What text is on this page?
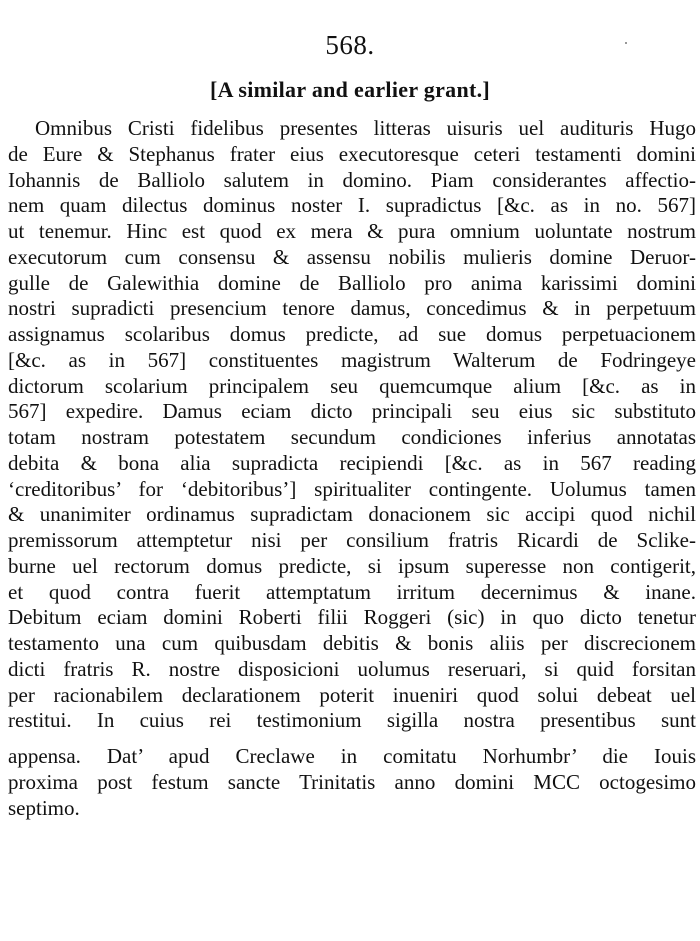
568.
[A similar and earlier grant.]
Omnibus Cristi fidelibus presentes litteras uisuris uel audituris Hugo
de Eure & Stephanus frater eius executoresque ceteri testamenti domini
Iohannis de Balliolo salutem in domino. Piam considerantes affectio-
nem quam dilectus dominus noster I. supradictus [&c. as in no. 567]
ut tenemur. Hinc est quod ex mera & pura omnium uoluntate nostrum
executorum cum consensu & assensu nobilis mulieris domine Deruor-
gulle de Galewithia domine de Balliolo pro anima karissimi domini
nostri supradicti presencium tenore damus, concedimus & in perpetuum
assignamus scolaribus domus predicte, ad sue domus perpetuacionem
[&c. as in 567] constituentes magistrum Walterum de Fodringeye
dictorum scolarium principalem seu quemcumque alium [&c. as in
567] expedire. Damus eciam dicto principali seu eius sic substituto
totam nostram potestatem secundum condiciones inferius annotatas
debita & bona alia supradicta recipiendi [&c. as in 567 reading
‘creditoribus’ for ‘debitoribus’] spiritualiter contingente. Uolumus tamen
& unanimiter ordinamus supradictam donacionem sic accipi quod nichil
premissorum attemptetur nisi per consilium fratris Ricardi de Sclike-
burne uel rectorum domus predicte, si ipsum superesse non contigerit,
et quod contra fuerit attemptatum irritum decernimus & inane.
Debitum eciam domini Roberti filii Roggeri (sic) in quo dicto tenetur
testamento una cum quibusdam debitis & bonis aliis per discrecionem
dicti fratris R. nostre disposicioni uolumus reseruari, si quid forsitan
per racionabilem declarationem poterit inueniri quod solui debeat uel
restitui. In cuius rei testimonium sigilla nostra presentibus sunt
appensa. Dat’ apud Creclawe in comitatu Norhumbr’ die Iouis
proxima post festum sancte Trinitatis anno domini MCC octogesimo
septimo.
